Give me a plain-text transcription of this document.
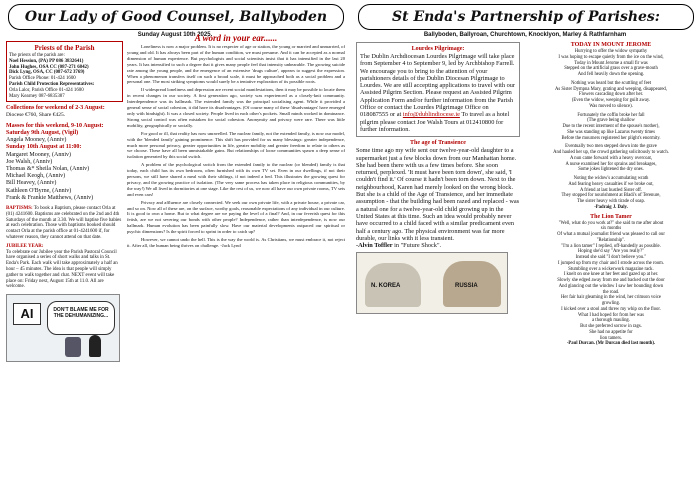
Our Lady of Good Counsel, Ballyboden
Sunday August 10th 2025.
Priests of the Parish
The priests of the parish are:
Noel Hession, (PA) PP 086 3832641)
John Hughes, OSA CC (087-271 6842)
Dick Lyng, OSA, CC (087-672 3769)
Parish Office Phone: 01-424 1600
Parish Child Protection Representatives:
Orla Lalor, Parish Office 01-424 1600
Mary Kearney 087-6835387
Collections for weekend of 2-3 August:
Diocese €760, Share €425.
Masses for this weekend, 9-10 August:
Saturday 9th August, (Vigil)
Angela Mooney, (Anniv)
Sunday 10th August at 11:00:
Margaret Mooney, (Anniv)
Joe Walsh, (Anniv)
Thomas &* Sheila Nolan, (Anniv)
Michael Keogh, (Anniv)
Bill Heavey, (Anniv)
Kathleen O'Byrne, (Anniv)
Frank & Frankie Matthews, (Anniv)
BAPTISMS: To book a Baptism, please contact Orla at (01) 4241600. Baptisms are celebrated on the 2nd and 4th Saturdays of the month at 3.30. We will baptise five babies at each celebration. Those with baptisms booked should contact Orla at the parish office at 01-4241600 if, for whatever reason, they cannot attend on that date.
JUBILEE YEAR:
To celebrate our Jubilee year the Parish Pastoral Council have organised a series of short walks and talks in St. Enda's Park. Each walk will take approximately a half an hour – 45 minutes. The idea is that people will simply gather to walk together and chat. NEXT event will take place on: Friday next, August 15th at 11.0. All are welcome.
AI	DON'T BLAME ME FOR THE DEHUMANIZING...
A word in your ear......

Loneliness is now a major problem. It is no respecter of age or station, the young or married and unmarried, of young and old. It has always been part of the human condition, we must presume. And it can be accepted as a normal dimension of human experience. But psychologists and social scientists insist that it has intensified in the last 20 years. It has intensified to such a degree that it gives many people feel that intensity unbearable. The growing suicide rate among the young people, and the emergence of an extensive 'drugs culture', appears to suggest the expression. When a phenomenon transfers itself on such a broad scale, it must be approached both as a social problem and a personal one. The most striking symptoms would surely be a tentative exploration of its possible roots.

If widespread loneliness and depression are recent social manifestations, then it may be possible to locate them in recent changes in our society. A first generation ago, society was experienced as a closely-knit community. Interdependence was its hallmark. The extended family was the principal socialising agent. While it provided a general sense of social cohesion, it did have its disadvantages. (Of course many of these 'disadvantages' have emerged only with hindsight). It was a closed society. People lived in each other's pockets. Small minds worked in dominance. Strong social control was often mistaken for social cohesion. Anonymity and privacy were rare. There was little mobility, geographically or socially.

For good or ill, that reality has now unravelled. The nuclear family, not the extended family, is now our model, with the 'blended family' gaining prominence. This shift has provided for us many blessings: greater independence, much more personal privacy, greater opportunities in life, greater mobility and greater freedom to relate to others as we choose. These have all been unmistakable gains. But relationships of loose communities spawn a deep sense of isolation generated by this social switch.

A problem of the psychological switch from the extended family to the nuclear (or blended) family is that today, each child has its own bedroom, often furnished with its own TV set. Even in our dwellings, if not their persons, we still have shared a meal with their siblings, if not indeed a bed. This illustrates the growing quest for privacy, and the growing practice of isolation. (The very same process has taken place in religious communities, by the way!) We all lived in dormitories at one stage. Like the rest of us, we now all have our own private rooms, TV sets and even cars!

Privacy and affluence are closely connected. We seek our own private life, with a private house, a private car, and so on. Now all of these are, on the surface, worthy goals, reasonable expectations of any individual in our culture. It is good to own a home. But to what degree are we paying the level of a final? And, in our feverish quest for this fetish, are we not severing our bonds with other people? Independence, rather than interdependence, is now our hallmark. Human evolution has been painfully slow. Have our material developments outpaced our spiritual or psychic dimensions? Is the spirit forced to sprint in order to catch up?

However, we cannot undo the hell. This is the way the world is. As Christians, we must embrace it, not reject it. After all, the human being thrives on challenge. -Jack Lynd

St Enda's Partnership of Parishes:
Ballyboden, Ballyroan, Churchtown, Knocklyon, Marley & Rathfarnham
Lourdes Pilgrimage:
The Dublin Archdiocesan Lourdes Pilgrimage will take place from September 4 to September 9, led by Archbishop Farrell. We encourage you to bring to the attention of your parishioners details of the Dublin Diocesan Pilgrimage to Lourdes. We are still accepting applications to travel with our Assisted Pilgrim Section. Please request an Assisted Pilgrim Application Form and/or further information from the Parish Office or contact the Lourdes Pilgrimage Office on 018087555 or at info@dublindiocese.ie To travel as a hotel pilgrim please contact Joe Walsh Tours at 012410800 for further information.
The age of Transience
Some time ago my wife sent our twelve-year-old daughter to a supermarket just a few blocks down from our Manhattan home. She had been there with us a few times before. She soon returned, perplexed. 'It must have been torn down', she said, 'I couldn't find it.' Of course it hadn't been torn down. Next to the neighbourhood, Karen had merely looked on the wrong block. But she is a child of the Age of Transience, and her immediate assumption - that the building had been razed and replaced - was a natural one for a twelve-year-old child growing up in the United States at this time. Such an idea would probably never have occurred to a child faced with a similar predicament even half a century ago. The physical environment was far more durable, our links with it less transient.
-Alvin Toffler in "Future Shock".
N. KOREA	RUSSIA
TODAY IN MOUNT JEROME
Hurrying to offer the widow sympathy
I was hoping to escape quietly from the ice on the wind,
Today in Mount Jerome a small fir was
Stepped on the artificial grass over a grave-mouth
And fell heavily down the opening.
Nothing was heard but the scuttling of feet
As Sister Dympna Mary, grating and weeping, disappeared,
Flowers cascading down after her.
(Even the widow, weeping for guilt away.
Was moved to silence).
Fortunately the coffin broke her fall
(The grave being shallow
Due to the recent interment of the spouse's mother),
She was standing up like Lazarus twenty times
Before the mourners registered her plight's enormity.
Eventually two men stepped down into the grave
And hauled her up, the crowd gathering solicitously to watch.
A nun came forward with a heavy overcoat,
A nurse examined her for sprains and breakages,
Some jokes lightened the dry ones.
Noting the widow's accumulating wrath
And fearing heavy casualties if we broke out,
A friend at last hustled Sister off.
They stopped for nourishment at Bladi's of Terenure,
The sister heavy with tirade of soap.
-Padraig J. Daly.
The Lion Tamer
"Well, what do you work at?" she said to me after about
six months
Of what a mutual journalist friend was pleased to call our
"Relationship".
"I'm a lion tamer" I replied, off-handedly as possible.
Hoping she'd say "Are you really?"
Instead she said "I don't believe you."
I jumped up from my chair and I strode across the room.
Stumbling over a wickerwork magazine rack.
I knelt on one knee at her feet and gazed up at her.
Slowly she edged away from me and backed out the door
And glancing out the window I saw her bounding down
the road.
Her fair hair gleaming in the wind, her crimson voice
growling.
I kicked over a stool and threw my whip on the floor.
What I had hoped for from her was
a thorough mauling.
But she preferred sorrow in rags.
She had no appetite for
lion tamers.
-Paul Durcan. (Mr Durcan died last month).
